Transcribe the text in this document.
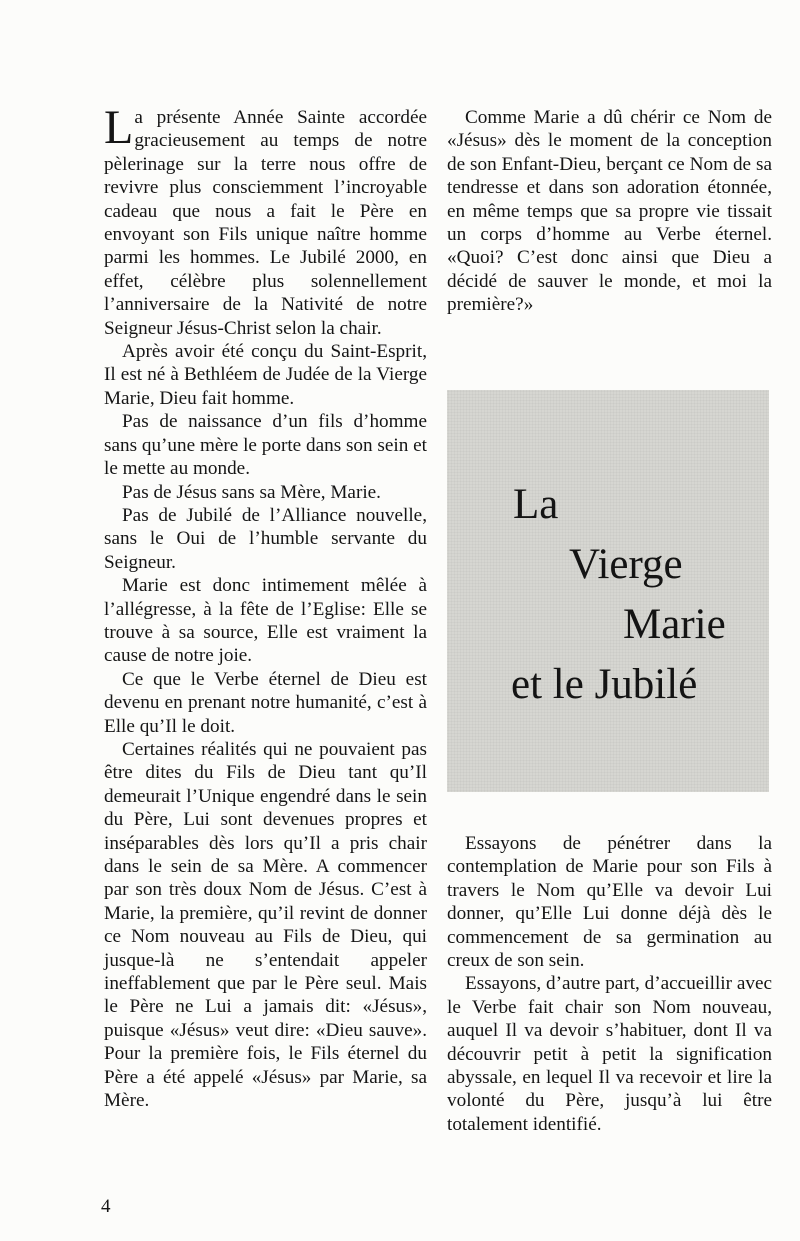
La présente Année Sainte accordée gracieusement au temps de notre pèlerinage sur la terre nous offre de revivre plus consciemment l’incroyable cadeau que nous a fait le Père en envoyant son Fils unique naître homme parmi les hommes. Le Jubilé 2000, en effet, célèbre plus solennellement l’anniversaire de la Nativité de notre Seigneur Jésus-Christ selon la chair.

Après avoir été conçu du Saint-Esprit, Il est né à Bethléem de Judée de la Vierge Marie, Dieu fait homme.

Pas de naissance d’un fils d’homme sans qu’une mère le porte dans son sein et le mette au monde.

Pas de Jésus sans sa Mère, Marie.

Pas de Jubilé de l’Alliance nouvelle, sans le Oui de l’humble servante du Seigneur.

Marie est donc intimement mêlée à l’allégresse, à la fête de l’Eglise: Elle se trouve à sa source, Elle est vraiment la cause de notre joie.

Ce que le Verbe éternel de Dieu est devenu en prenant notre humanité, c’est à Elle qu’Il le doit.

Certaines réalités qui ne pouvaient pas être dites du Fils de Dieu tant qu’Il demeurait l’Unique engendré dans le sein du Père, Lui sont devenues propres et inséparables dès lors qu’Il a pris chair dans le sein de sa Mère. A commencer par son très doux Nom de Jésus. C’est à Marie, la première, qu’il revint de donner ce Nom nouveau au Fils de Dieu, qui jusque-là ne s’entendait appeler ineffablement que par le Père seul. Mais le Père ne Lui a jamais dit: «Jésus», puisque «Jésus» veut dire: «Dieu sauve». Pour la première fois, le Fils éternel du Père a été appelé «Jésus» par Marie, sa Mère.

Comme Marie a dû chérir ce Nom de «Jésus» dès le moment de la conception de son Enfant-Dieu, berçant ce Nom de sa tendresse et dans son adoration étonnée, en même temps que sa propre vie tissait un corps d’homme au Verbe éternel. «Quoi? C’est donc ainsi que Dieu a décidé de sauver le monde, et moi la première?»

La
Vierge
Marie
et le Jubilé

Essayons de pénétrer dans la contemplation de Marie pour son Fils à travers le Nom qu’Elle va devoir Lui donner, qu’Elle Lui donne déjà dès le commencement de sa germination au creux de son sein.

Essayons, d’autre part, d’accueillir avec le Verbe fait chair son Nom nouveau, auquel Il va devoir s’habituer, dont Il va découvrir petit à petit la signification abyssale, en lequel Il va recevoir et lire la volonté du Père, jusqu’à lui être totalement identifié.

4
